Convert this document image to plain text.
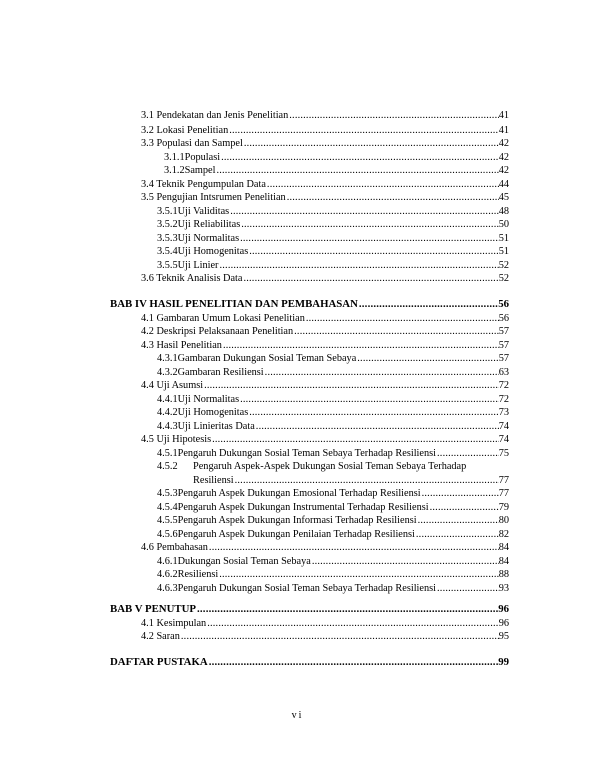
3.1 Pendekatan dan Jenis Penelitian .....	41
3.2 Lokasi Penelitian .....	41
3.3 Populasi dan Sampel .....	42
3.1.1 Populasi .....	42
3.1.2 Sampel .....	42
3.4 Teknik Pengumpulan Data .....	44
3.5 Pengujian Intsrumen Penelitian .....	45
3.5.1 Uji Validitas .....	48
3.5.2 Uji Reliabilitas .....	50
3.5.3 Uji Normalitas .....	51
3.5.4 Uji Homogenitas .....	51
3.5.5 Uji Linier .....	52
3.6 Teknik Analisis Data .....	52
BAB IV HASIL PENELITIAN DAN PEMBAHASAN .....	56
4.1 Gambaran Umum Lokasi Penelitian .....	56
4.2 Deskripsi Pelaksanaan Penelitian .....	57
4.3 Hasil Penelitian .....	57
4.3.1 Gambaran Dukungan Sosial Teman Sebaya .....	57
4.3.2 Gambaran Resiliensi .....	63
4.4 Uji Asumsi .....	72
4.4.1 Uji Normalitas .....	72
4.4.2 Uji Homogenitas .....	73
4.4.3 Uji Linieritas Data .....	74
4.5 Uji Hipotesis .....	74
4.5.1 Pengaruh Dukungan Sosial Teman Sebaya Terhadap Resiliensi .....	75
4.5.2	Pengaruh Aspek-Aspek Dukungan Sosial Teman Sebaya Terhadap
Resiliensi .....	77
4.5.3 Pengaruh Aspek Dukungan Emosional Terhadap Resiliensi .....	77
4.5.4 Pengaruh Aspek Dukungan Instrumental Terhadap Resiliensi .....	79
4.5.5 Pengaruh Aspek Dukungan Informasi Terhadap Resiliensi .....	80
4.5.6 Pengaruh Aspek Dukungan Penilaian Terhadap Resiliensi .....	82
4.6 Pembahasan .....	84
4.6.1 Dukungan Sosial Teman Sebaya .....	84
4.6.2 Resiliensi .....	88
4.6.3 Pengaruh Dukungan Sosial Teman Sebaya Terhadap Resiliensi .....	93
BAB V PENUTUP .....	96
4.1 Kesimpulan .....	96
4.2 Saran .....	95
DAFTAR PUSTAKA .....	99
vi
